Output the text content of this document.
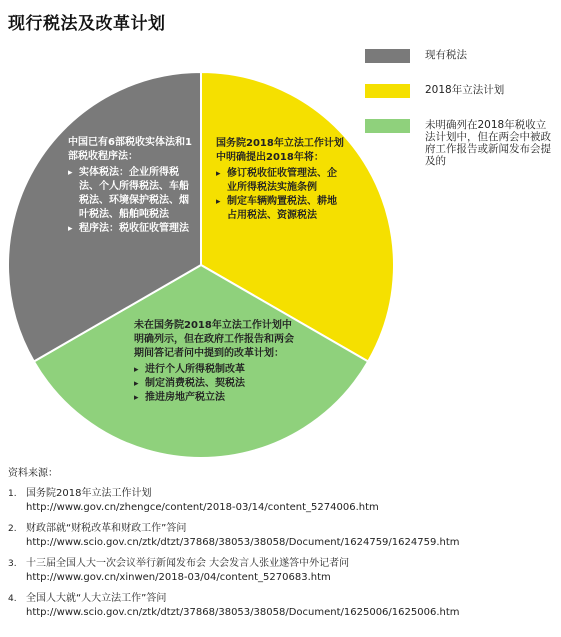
现行税法及改革计划
现有税法
2018年立法计划
未明确列在2018年税收立法计划中，但在两会中被政府工作报告或新闻发布会提及的
中国已有6部税收实体法和1部税收程序法：
▸ 实体税法：企业所得税法、个人所得税法、车船税法、环境保护税法、烟叶税法、船舶吨税法
▸ 程序法：税收征收管理法
国务院2018年立法工作计划中明确提出2018年将：
▸ 修订税收征收管理法、企业所得税法实施条例
▸ 制定车辆购置税法、耕地占用税法、资源税法
未在国务院2018年立法工作计划中明确列示，但在政府工作报告和两会期间答记者问中提到的改革计划：
▸ 进行个人所得税制改革
▸ 制定消费税法、契税法
▸ 推进房地产税立法
资料来源：
1. 国务院2018年立法工作计划
http://www.gov.cn/zhengce/content/2018-03/14/content_5274006.htm
2. 财政部就“财税改革和财政工作”答问
http://www.scio.gov.cn/ztk/dtzt/37868/38053/38058/Document/1624759/1624759.htm
3. 十三届全国人大一次会议举行新闻发布会 大会发言人张业遂答中外记者问
http://www.gov.cn/xinwen/2018-03/04/content_5270683.htm
4. 全国人大就“人大立法工作”答问
http://www.scio.gov.cn/ztk/dtzt/37868/38053/38058/Document/1625006/1625006.htm
